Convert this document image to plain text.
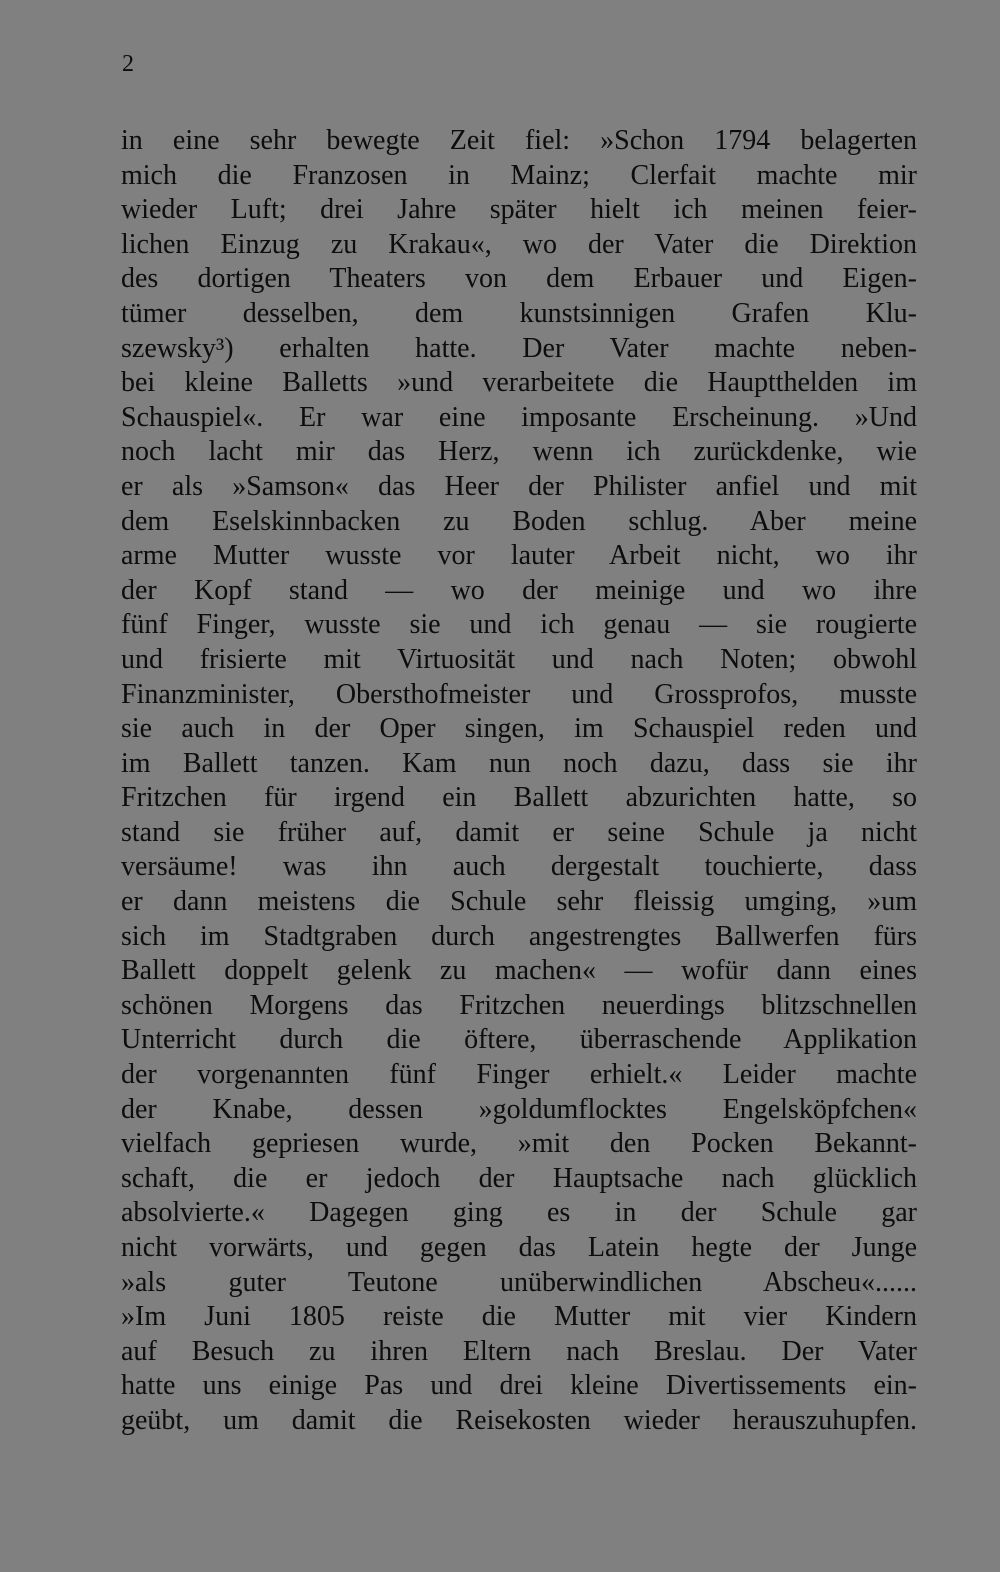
2
in eine sehr bewegte Zeit fiel: »Schon 1794 belagerten
mich die Franzosen in Mainz; Clerfait machte mir
wieder Luft; drei Jahre später hielt ich meinen feier-
lichen Einzug zu Krakau«, wo der Vater die Direktion
des dortigen Theaters von dem Erbauer und Eigen-
tümer desselben, dem kunstsinnigen Grafen Klu-
szewsky³) erhalten hatte. Der Vater machte neben-
bei kleine Balletts »und verarbeitete die Hauptthelden im
Schauspiel«. Er war eine imposante Erscheinung. »Und
noch lacht mir das Herz, wenn ich zurückdenke, wie
er als »Samson« das Heer der Philister anfiel und mit
dem Eselskinnbacken zu Boden schlug. Aber meine
arme Mutter wusste vor lauter Arbeit nicht, wo ihr
der Kopf stand — wo der meinige und wo ihre
fünf Finger, wusste sie und ich genau — sie rougierte
und frisierte mit Virtuosität und nach Noten; obwohl
Finanzminister, Obersthofmeister und Grossprofos, musste
sie auch in der Oper singen, im Schauspiel reden und
im Ballett tanzen. Kam nun noch dazu, dass sie ihr
Fritzchen für irgend ein Ballett abzurichten hatte, so
stand sie früher auf, damit er seine Schule ja nicht
versäume! was ihn auch dergestalt touchierte, dass
er dann meistens die Schule sehr fleissig umging, »um
sich im Stadtgraben durch angestrengtes Ballwerfen fürs
Ballett doppelt gelenk zu machen« — wofür dann eines
schönen Morgens das Fritzchen neuerdings blitzschnellen
Unterricht durch die öftere, überraschende Applikation
der vorgenannten fünf Finger erhielt.« Leider machte
der Knabe, dessen »goldumflocktes Engelsköpfchen«
vielfach gepriesen wurde, »mit den Pocken Bekannt-
schaft, die er jedoch der Hauptsache nach glücklich
absolvierte.« Dagegen ging es in der Schule gar
nicht vorwärts, und gegen das Latein hegte der Junge
»als guter Teutone unüberwindlichen Abscheu«......
»Im Juni 1805 reiste die Mutter mit vier Kindern
auf Besuch zu ihren Eltern nach Breslau. Der Vater
hatte uns einige Pas und drei kleine Divertissements ein-
geübt, um damit die Reisekosten wieder herauszuhupfen.
